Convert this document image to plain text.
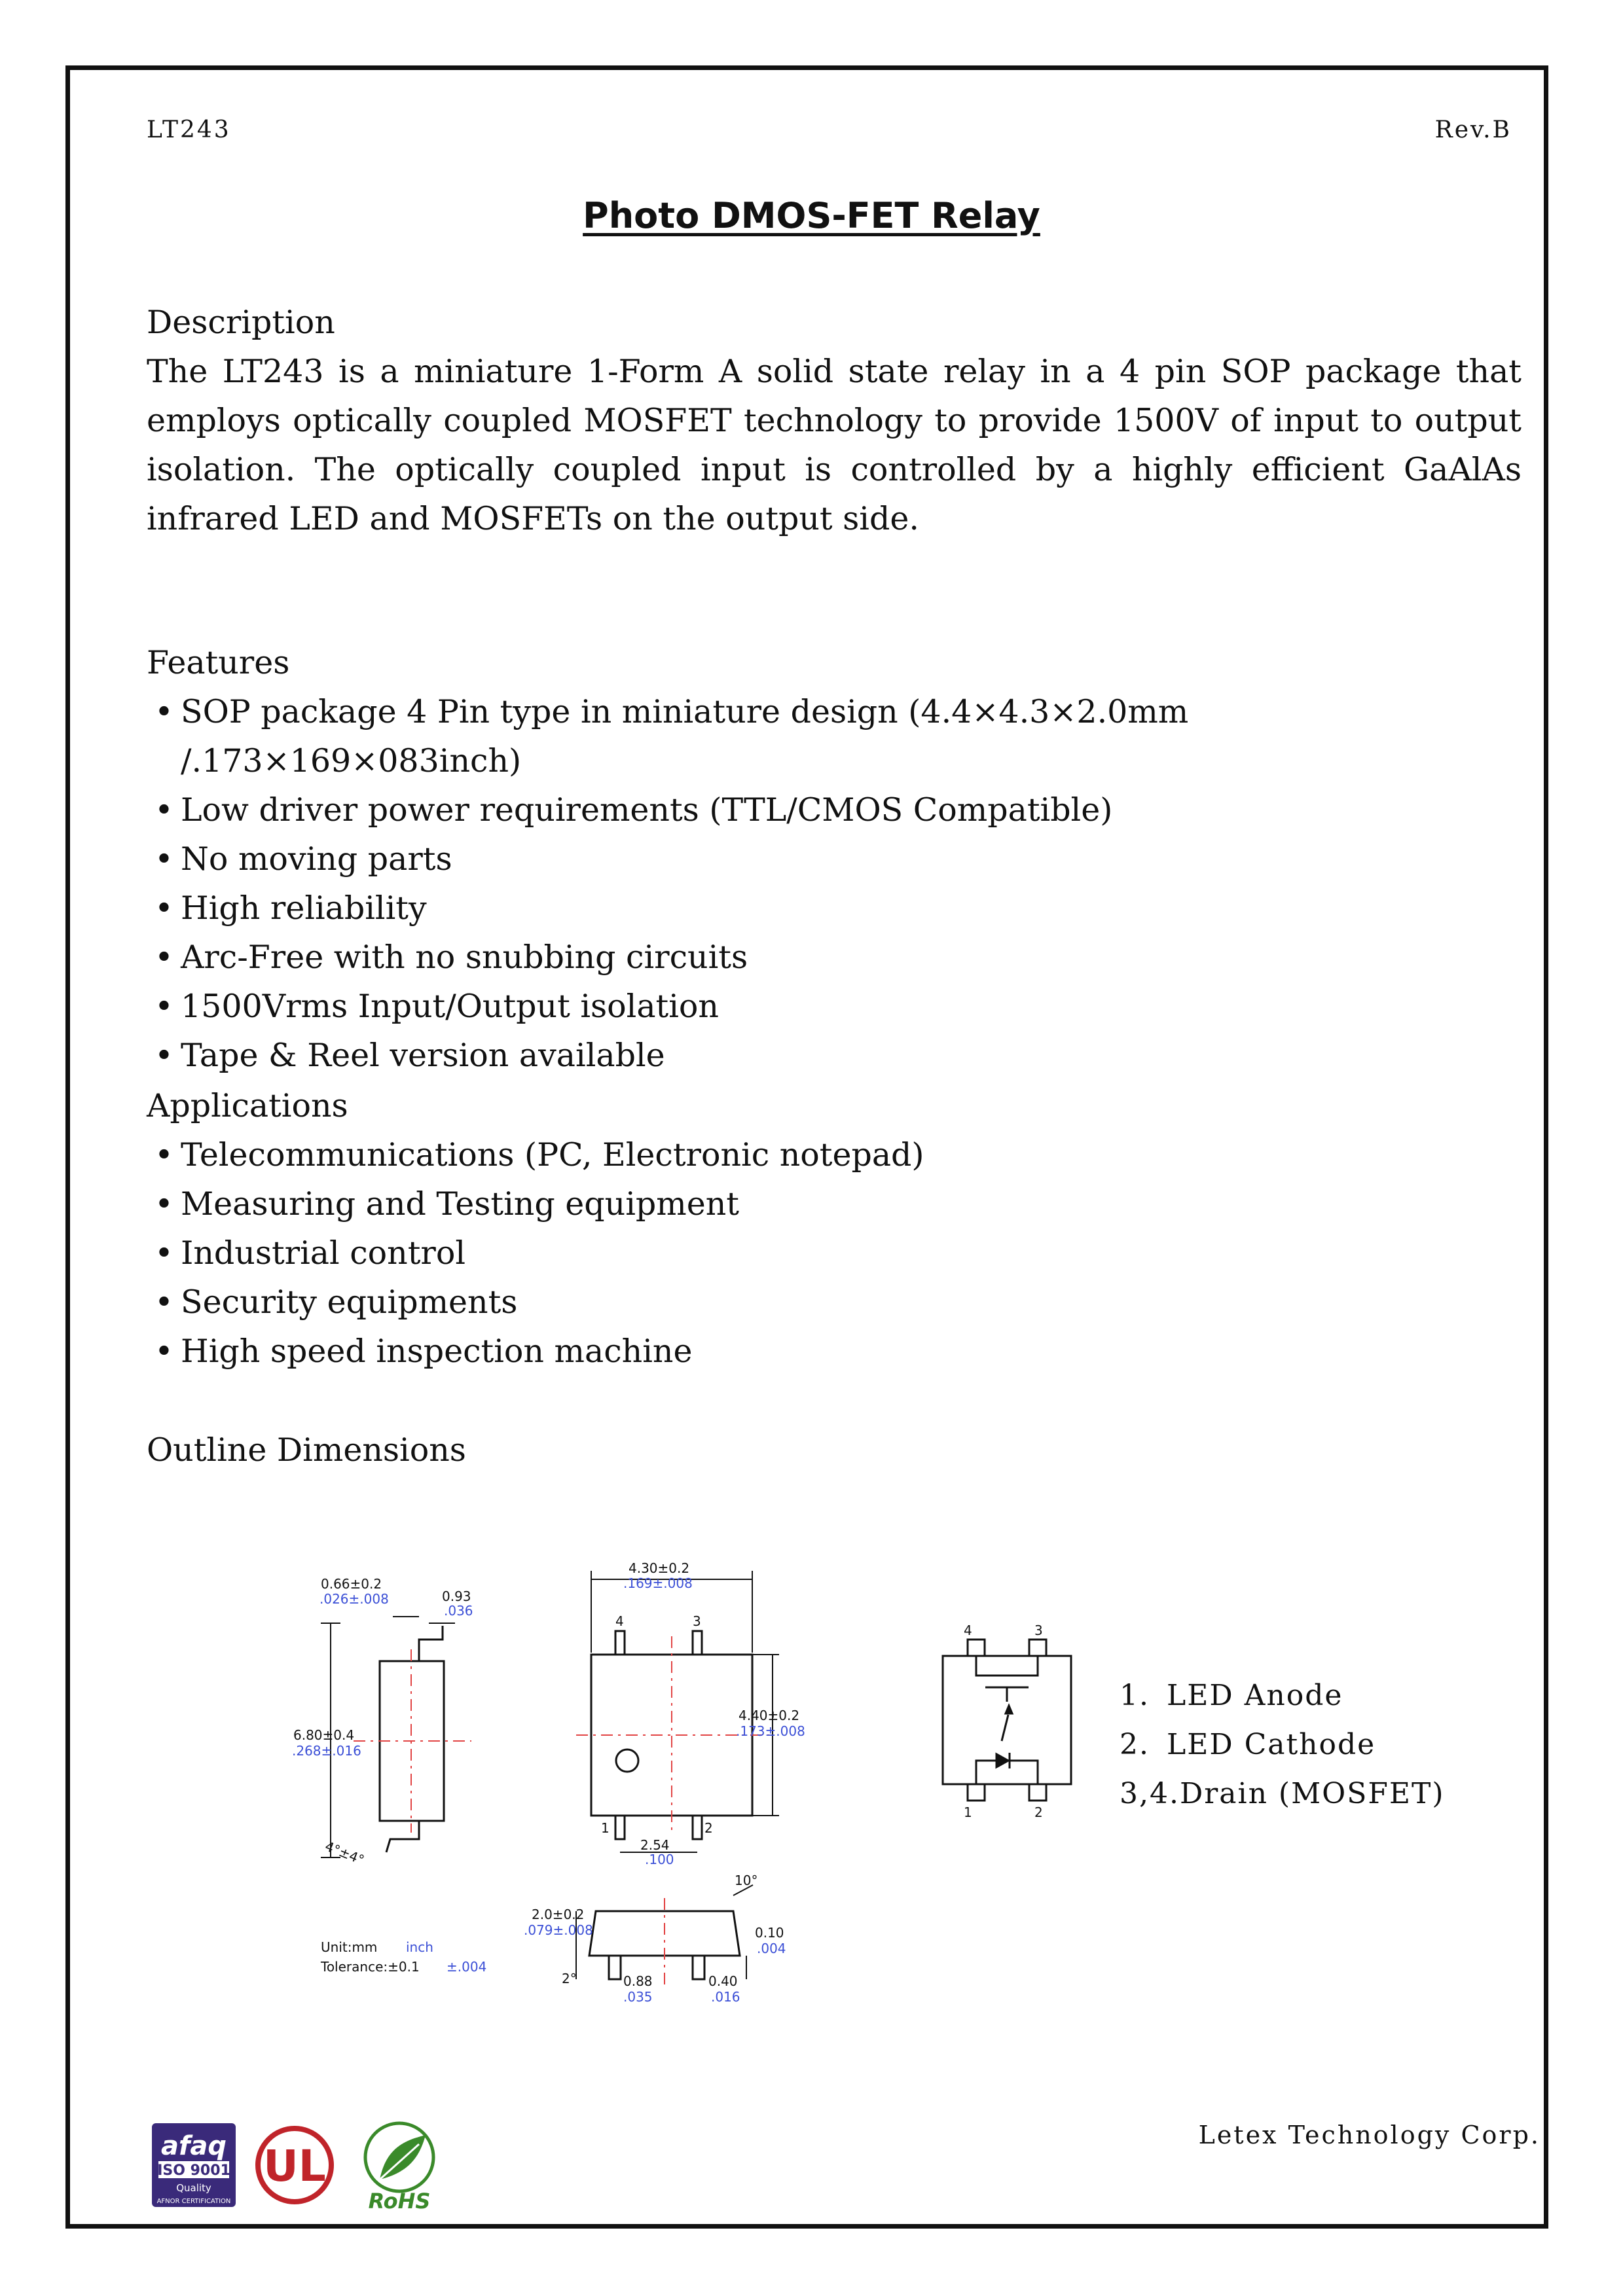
LT243	Rev.B
Photo DMOS-FET Relay
Description

The LT243 is a miniature 1-Form A solid state relay in a 4 pin SOP package that employs optically coupled MOSFET technology to provide 1500V of input to output isolation. The optically coupled input is controlled by a highly efficient GaAlAs infrared LED and MOSFETs on the output side.

Features
• SOP package 4 Pin type in miniature design (4.4×4.3×2.0mm /.173×169×083inch)
• Low driver power requirements (TTL/CMOS Compatible)
• No moving parts
• High reliability
• Arc-Free with no snubbing circuits
• 1500Vrms Input/Output isolation
• Tape & Reel version available
Applications
• Telecommunications (PC, Electronic notepad)
• Measuring and Testing equipment
• Industrial control
• Security equipments
• High speed inspection machine
Outline Dimensions
0.66±0.2
0.93
6.80±0.4
4°±4°
4.30±0.2
4.40±0.2
2.54
4	3
1	2
2.0±0.2
10°
2°
0.10
0.88	0.40
Unit:mm
Tolerance:±0.1
4	3
1	2
.026±.008
.036
.268±.016
.169±.008
.173±.008
.100
.079±.008
.004
.035	.016
inch
±.004
1. LED Anode
2. LED Cathode
3,4.Drain (MOSFET)
afaq
ISO 9001
Quality
AFNOR CERTIFICATION
UL
RoHS
Letex Technology Corp.
